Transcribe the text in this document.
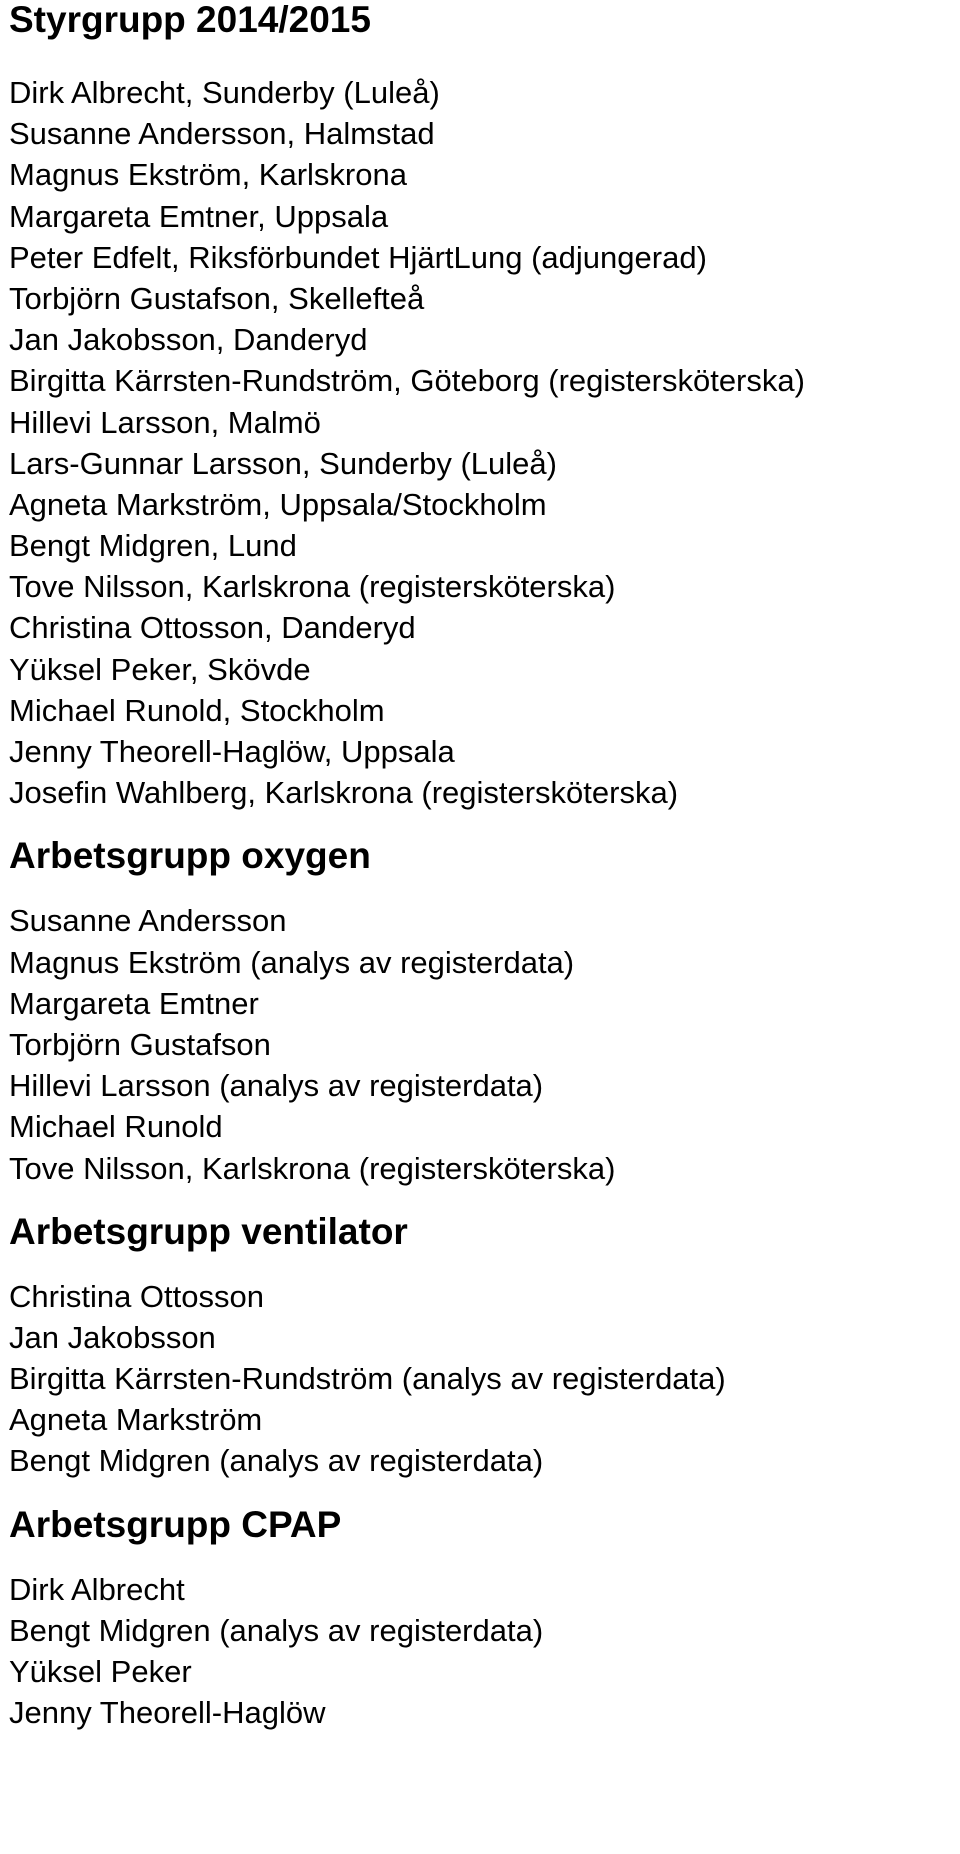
Styrgrupp 2014/2015
Dirk Albrecht, Sunderby (Luleå)
Susanne Andersson, Halmstad
Magnus Ekström, Karlskrona
Margareta Emtner, Uppsala
Peter Edfelt, Riksförbundet HjärtLung (adjungerad)
Torbjörn Gustafson, Skellefteå
Jan Jakobsson, Danderyd
Birgitta Kärrsten-Rundström, Göteborg (registersköterska)
Hillevi Larsson, Malmö
Lars-Gunnar Larsson, Sunderby (Luleå)
Agneta Markström, Uppsala/Stockholm
Bengt Midgren, Lund
Tove Nilsson, Karlskrona (registersköterska)
Christina Ottosson, Danderyd
Yüksel Peker, Skövde
Michael Runold, Stockholm
Jenny Theorell-Haglöw, Uppsala
Josefin Wahlberg, Karlskrona (registersköterska)
Arbetsgrupp oxygen
Susanne Andersson
Magnus Ekström (analys av registerdata)
Margareta Emtner
Torbjörn Gustafson
Hillevi Larsson (analys av registerdata)
Michael Runold
Tove Nilsson, Karlskrona (registersköterska)
Arbetsgrupp ventilator
Christina Ottosson
Jan Jakobsson
Birgitta Kärrsten-Rundström (analys av registerdata)
Agneta Markström
Bengt Midgren (analys av registerdata)
Arbetsgrupp CPAP
Dirk Albrecht
Bengt Midgren (analys av registerdata)
Yüksel Peker
Jenny Theorell-Haglöw
